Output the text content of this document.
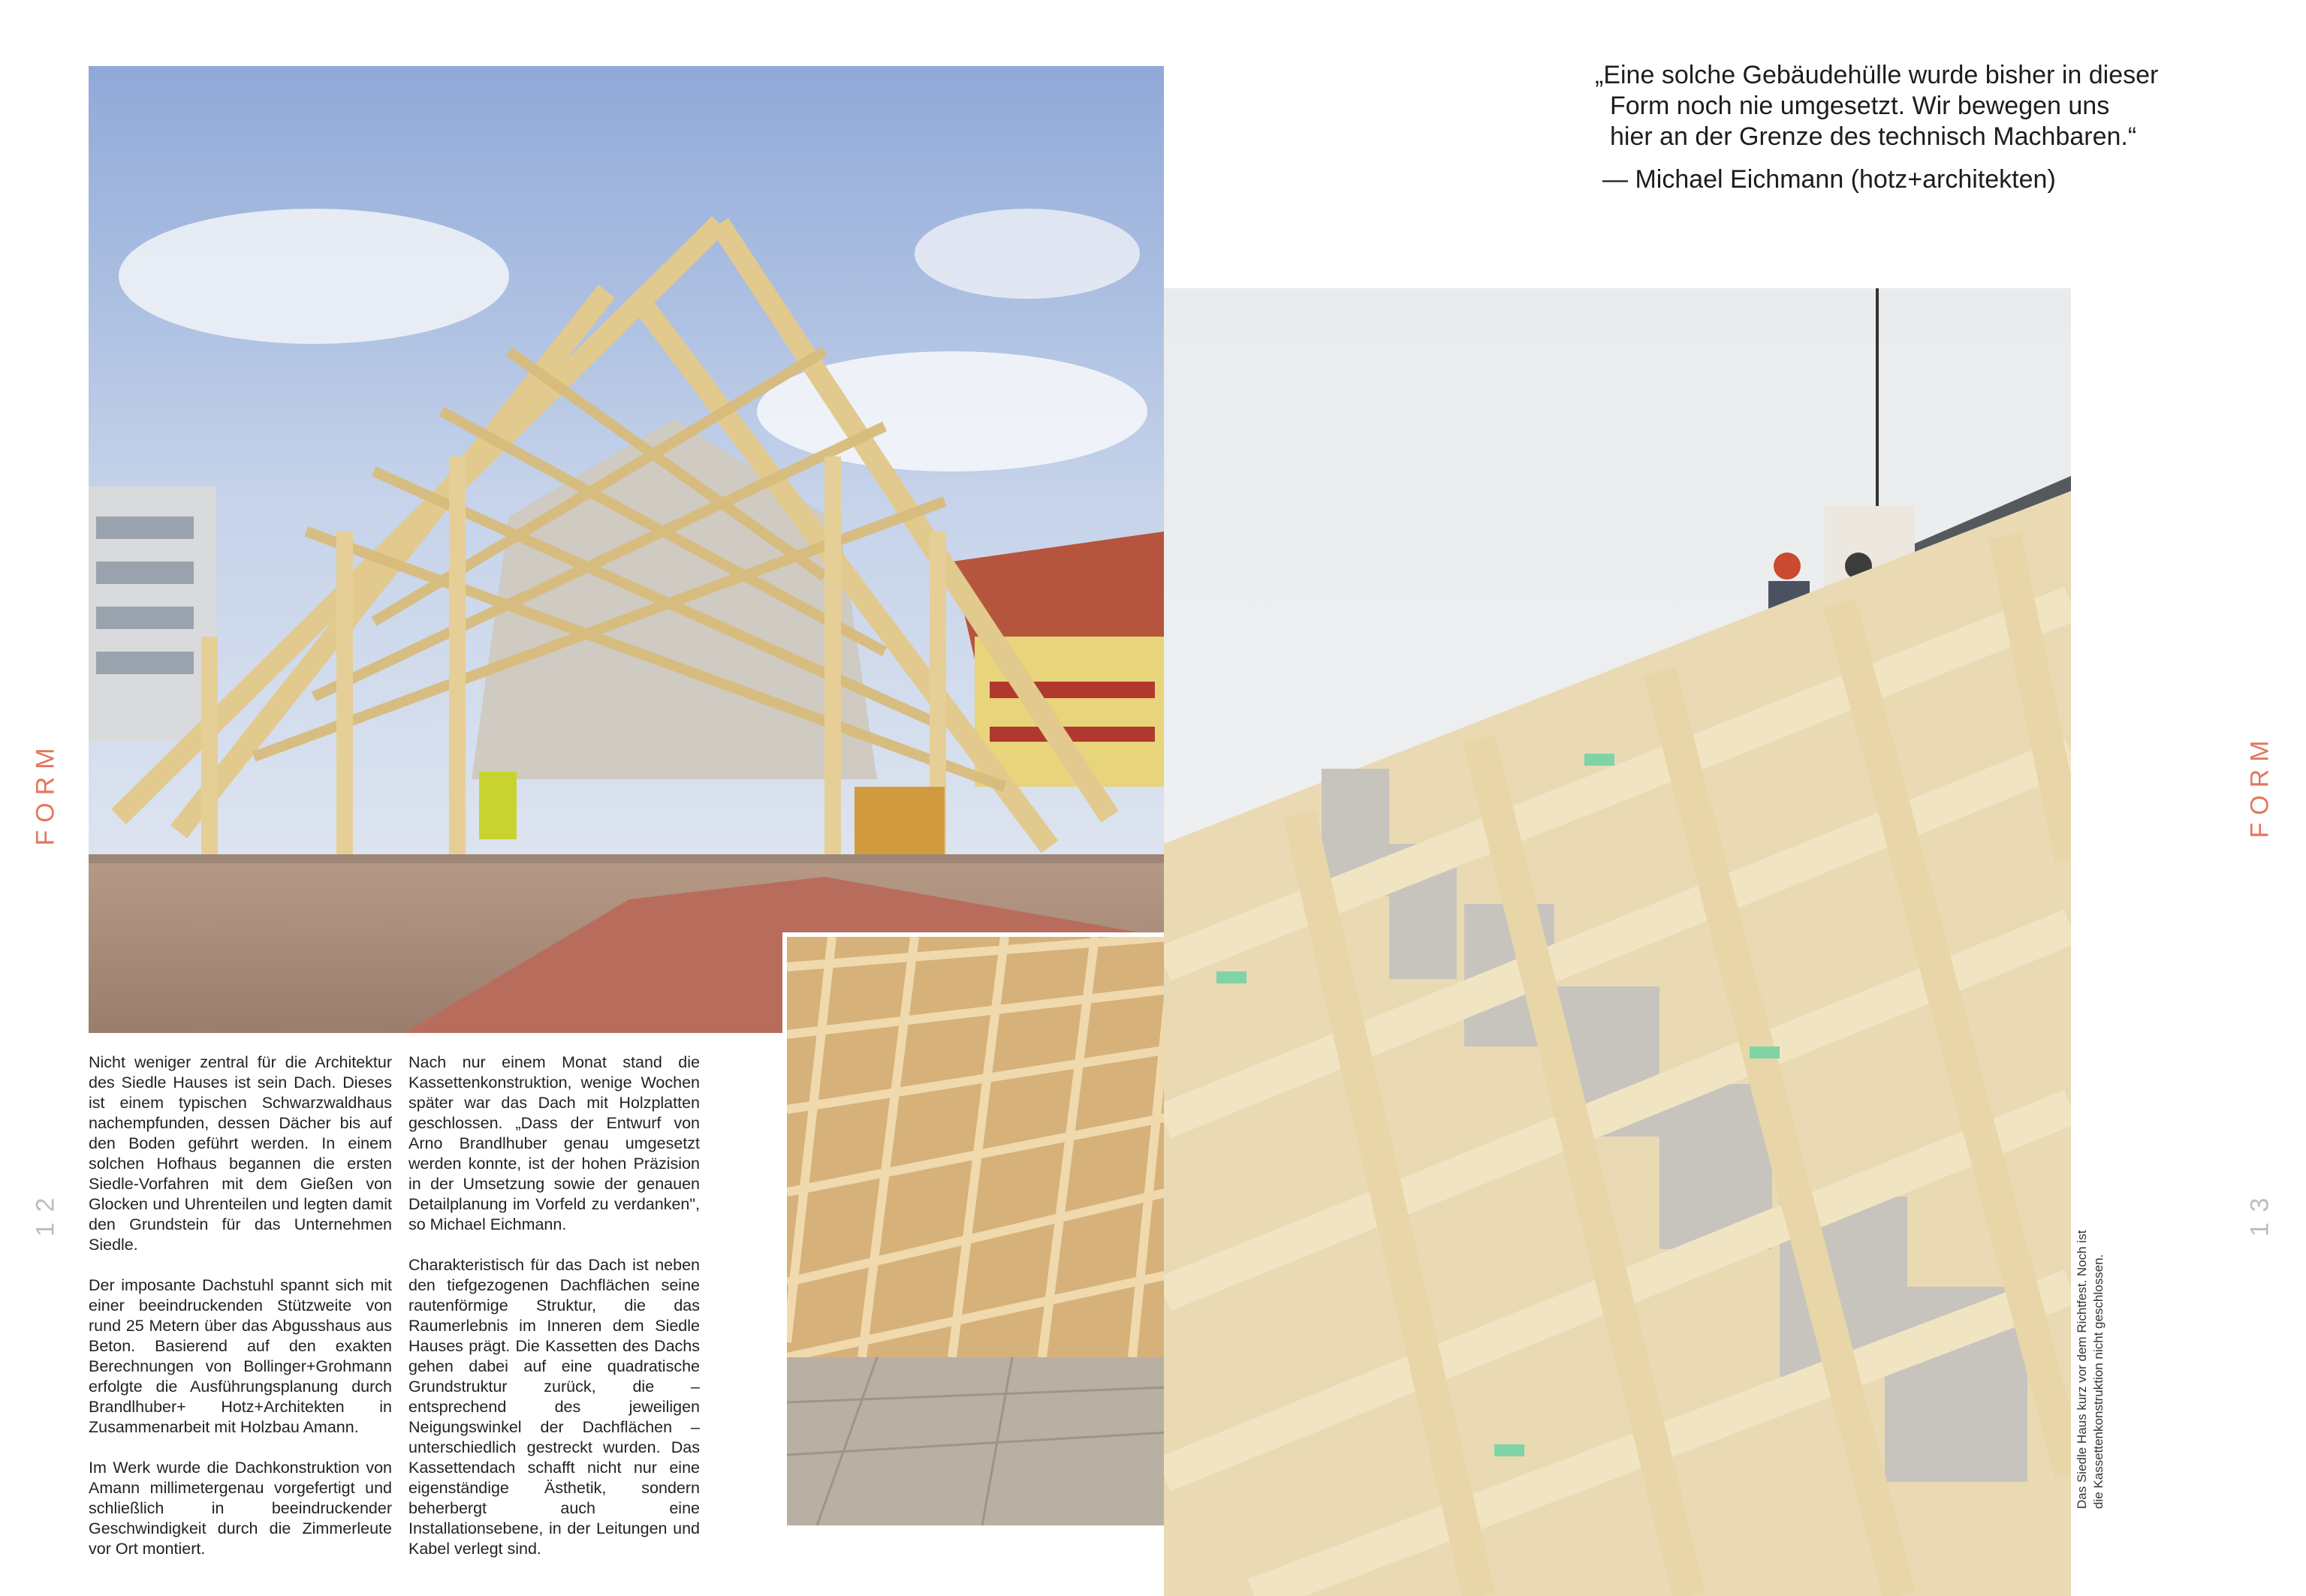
FORM
12

Nicht weniger zentral für die Architektur des Siedle Hauses ist sein Dach. Dieses ist einem typischen Schwarzwaldhaus nachempfunden, dessen Dächer bis auf den Boden geführt werden. In einem solchen Hofhaus begannen die ersten Siedle-Vorfahren mit dem Gießen von Glocken und Uhrenteilen und legten damit den Grundstein für das Unternehmen Siedle.

Der imposante Dachstuhl spannt sich mit einer beeindruckenden Stützweite von rund 25 Metern über das Abgusshaus aus Beton. Basierend auf den exakten Berechnungen von Bollinger+Grohmann erfolgte die Ausführungsplanung durch Brandlhuber+ Hotz+Architekten in Zusammenarbeit mit Holzbau Amann.

Im Werk wurde die Dachkonstruktion von Amann millimetergenau vorgefertigt und schließlich in beeindruckender Geschwindigkeit durch die Zimmerleute vor Ort montiert.

Nach nur einem Monat stand die Kassettenkonstruktion, wenige Wochen später war das Dach mit Holzplatten geschlossen. „Dass der Entwurf von Arno Brandlhuber genau umgesetzt werden konnte, ist der hohen Präzision in der Umsetzung sowie der genauen Detailplanung im Vorfeld zu verdanken", so Michael Eichmann.

Charakteristisch für das Dach ist neben den tiefgezogenen Dachflächen seine rautenförmige Struktur, die das Raumerlebnis im Inneren dem Siedle Hauses prägt. Die Kassetten des Dachs gehen dabei auf eine quadratische Grundstruktur zurück, die – entsprechend des jeweiligen Neigungswinkel der Dachflächen – unterschiedlich gestreckt wurden. Das Kassettendach schafft nicht nur eine eigenständige Ästhetik, sondern beherbergt auch eine Installationsebene, in der Leitungen und Kabel verlegt sind.

„Eine solche Gebäudehülle wurde bisher in dieser
Form noch nie umgesetzt. Wir bewegen uns
hier an der Grenze des technisch Machbaren.“
— Michael Eichmann (hotz+architekten)
FORM
13
Das Siedle Haus kurz vor dem Richtfest. Noch ist die Kassettenkonstruktion nicht geschlossen.
